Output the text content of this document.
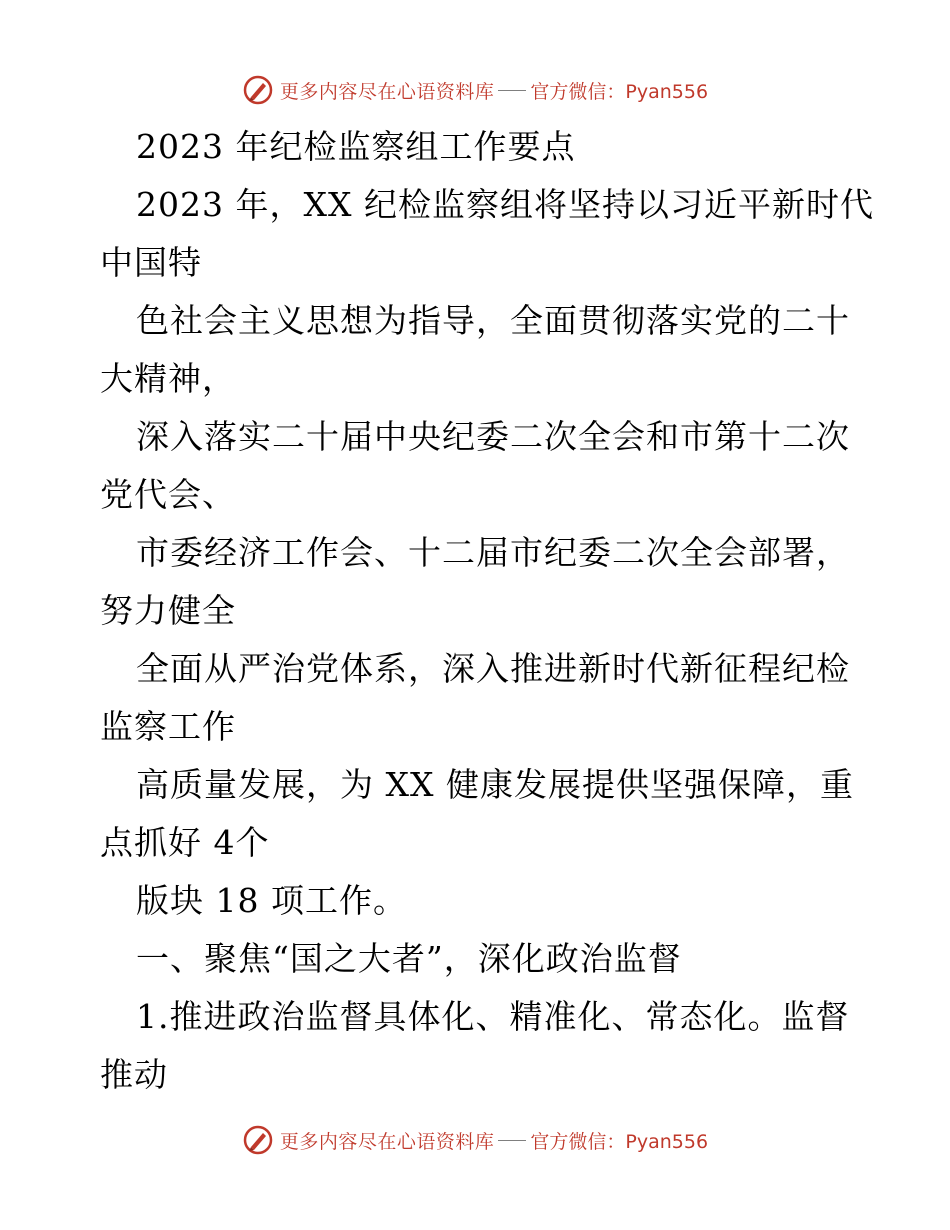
更多内容尽在心语资料库 官方微信：Pyan556
2023 年纪检监察组工作要点
2023 年，XX 纪检监察组将坚持以习近平新时代
中国特
色社会主义思想为指导，全面贯彻落实党的二十
大精神，
深入落实二十届中央纪委二次全会和市第十二次
党代会、
市委经济工作会、十二届市纪委二次全会部署，
努力健全
全面从严治党体系，深入推进新时代新征程纪检
监察工作
高质量发展，为 XX 健康发展提供坚强保障，重
点抓好 4个
版块 18 项工作。
一、聚焦“国之大者”，深化政治监督
1.推进政治监督具体化、精准化、常态化。监督
推动
更多内容尽在心语资料库 官方微信：Pyan556
